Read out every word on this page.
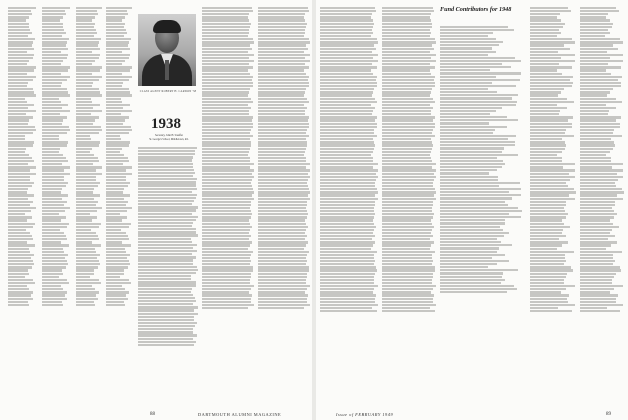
CLASS AGENT ROBERT H. CARDON '38
1938
Secretary, John H. Stauffer
St. George's School, Middletown, R.I.
88
Fund Contributors for 1948

89
DARTMOUTH ALUMNI MAGAZINE	Issue of FEBRUARY 1949
